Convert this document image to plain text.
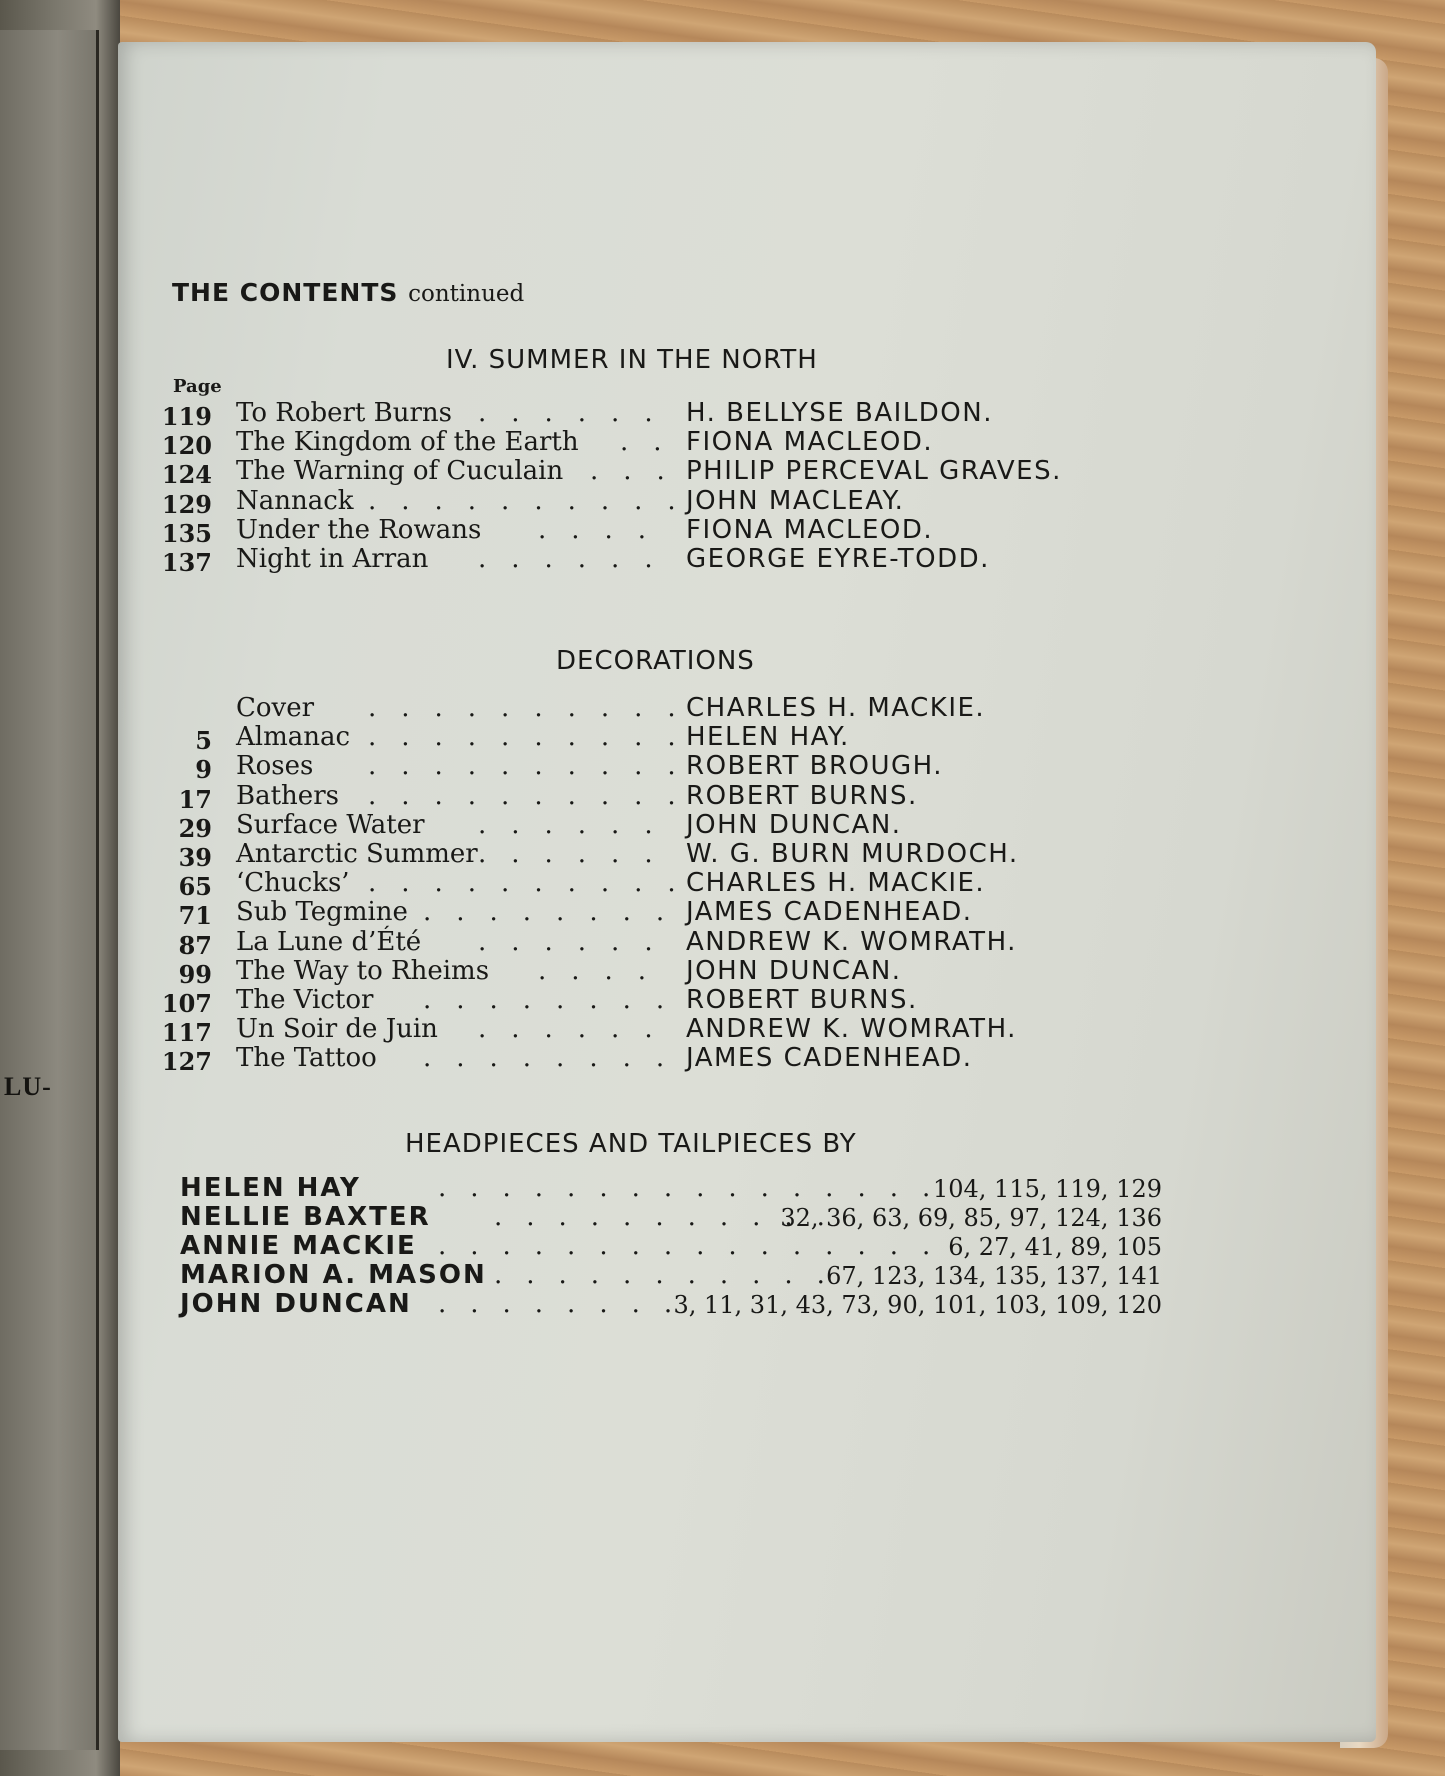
LU-
THE CONTENTS continued
IV. SUMMER IN THE NORTH
Page
119 To Robert Burns ...... H. BELLYSE BAILDON.
120 The Kingdom of the Earth .. FIONA MACLEOD.
124 The Warning of Cuculain ...
PHILIP PERCEVAL GRAVES.
129 Nannack ..........
JOHN MACLEAY.
135 Under the Rowans .... FIONA MACLEOD.
137 Night in Arran ...... GEORGE EYRE-TODD.
DECORATIONS
Cover ..........
CHARLES H. MACKIE.
5 Almanac ..........
HELEN HAY.
9 Roses ..........
ROBERT BROUGH.
17 Bathers ..........
ROBERT BURNS.
29 Surface Water ...... JOHN DUNCAN.
39 Antarctic Summer ...... W. G. BURN MURDOCH.
65 ‘Chucks’ ..........
CHARLES H. MACKIE.
71 Sub Tegmine ........
JAMES CADENHEAD.
87 La Lune d’Été ...... ANDREW K. WOMRATH.
99 The Way to Rheims .... JOHN DUNCAN.
107 The Victor ........
ROBERT BURNS.
117 Un Soir de Juin ...... ANDREW K. WOMRATH.
127 The Tattoo ........
JAMES CADENHEAD.
HEADPIECES AND TAILPIECES BY
HELEN HAY	................
104, 115, 119, 129
NELLIE BAXTER ...........
32, 36, 63, 69, 85, 97, 124, 136
ANNIE MACKIE ................
6, 27, 41, 89, 105
MARION A. MASON ...........
67, 123, 134, 135, 137, 141
JOHN DUNCAN ........
3, 11, 31, 43, 73, 90, 101, 103, 109, 120
